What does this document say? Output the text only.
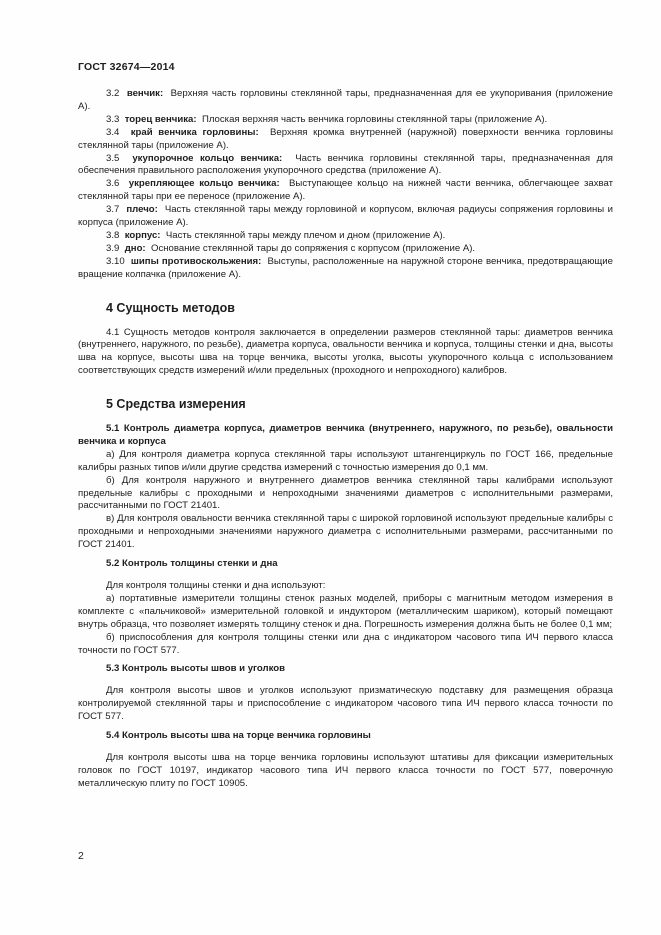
ГОСТ 32674—2014

3.2 венчик: Верхняя часть горловины стеклянной тары, предназначенная для ее укупоривания (приложение А).

3.3 торец венчика: Плоская верхняя часть венчика горловины стеклянной тары (приложение А).

3.4 край венчика горловины: Верхняя кромка внутренней (наружной) поверхности венчика горловины стеклянной тары (приложение А).

3.5 укупорочное кольцо венчика: Часть венчика горловины стеклянной тары, предназначенная для обеспечения правильного расположения укупорочного средства (приложение А).

3.6 укрепляющее кольцо венчика: Выступающее кольцо на нижней части венчика, облегчающее захват стеклянной тары при ее переносе (приложение А).

3.7 плечо: Часть стеклянной тары между горловиной и корпусом, включая радиусы сопряжения горловины и корпуса (приложение А).

3.8 корпус: Часть стеклянной тары между плечом и дном (приложение А).

3.9 дно: Основание стеклянной тары до сопряжения с корпусом (приложение А).

3.10 шипы противоскольжения: Выступы, расположенные на наружной стороне венчика, предотвращающие вращение колпачка (приложение А).

4 Сущность методов

4.1 Сущность методов контроля заключается в определении размеров стеклянной тары: диаметров венчика (внутреннего, наружного, по резьбе), диаметра корпуса, овальности венчика и корпуса, толщины стенки и дна, высоты шва на корпусе, высоты шва на торце венчика, высоты уголка, высоты укупорочного кольца с использованием соответствующих средств измерений и/или предельных (проходного и непроходного) калибров.

5 Средства измерения

5.1 Контроль диаметра корпуса, диаметров венчика (внутреннего, наружного, по резьбе), овальности венчика и корпуса

а) Для контроля диаметра корпуса стеклянной тары используют штангенциркуль по ГОСТ 166, предельные калибры разных типов и/или другие средства измерений с точностью измерения до 0,1 мм.

б) Для контроля наружного и внутреннего диаметров венчика стеклянной тары калибрами используют предельные калибры с проходными и непроходными значениями диаметров с исполнительными размерами, рассчитанными по ГОСТ 21401.

в) Для контроля овальности венчика стеклянной тары с широкой горловиной используют предельные калибры с проходными и непроходными значениями наружного диаметра с исполнительными размерами, рассчитанными по ГОСТ 21401.

5.2 Контроль толщины стенки и дна

Для контроля толщины стенки и дна используют:

а) портативные измерители толщины стенок разных моделей, приборы с магнитным методом измерения в комплекте с «пальчиковой» измерительной головкой и индуктором (металлическим шариком), который помещают внутрь образца, что позволяет измерять толщину стенок и дна. Погрешность измерения должна быть не более 0,1 мм;

б) приспособления для контроля толщины стенки или дна с индикатором часового типа ИЧ первого класса точности по ГОСТ 577.

5.3 Контроль высоты швов и уголков

Для контроля высоты швов и уголков используют призматическую подставку для размещения образца контролируемой стеклянной тары и приспособление с индикатором часового типа ИЧ первого класса точности по ГОСТ 577.

5.4 Контроль высоты шва на торце венчика горловины

Для контроля высоты шва на торце венчика горловины используют штативы для фиксации измерительных головок по ГОСТ 10197, индикатор часового типа ИЧ первого класса точности по ГОСТ 577, поверочную металлическую плиту по ГОСТ 10905.

2
